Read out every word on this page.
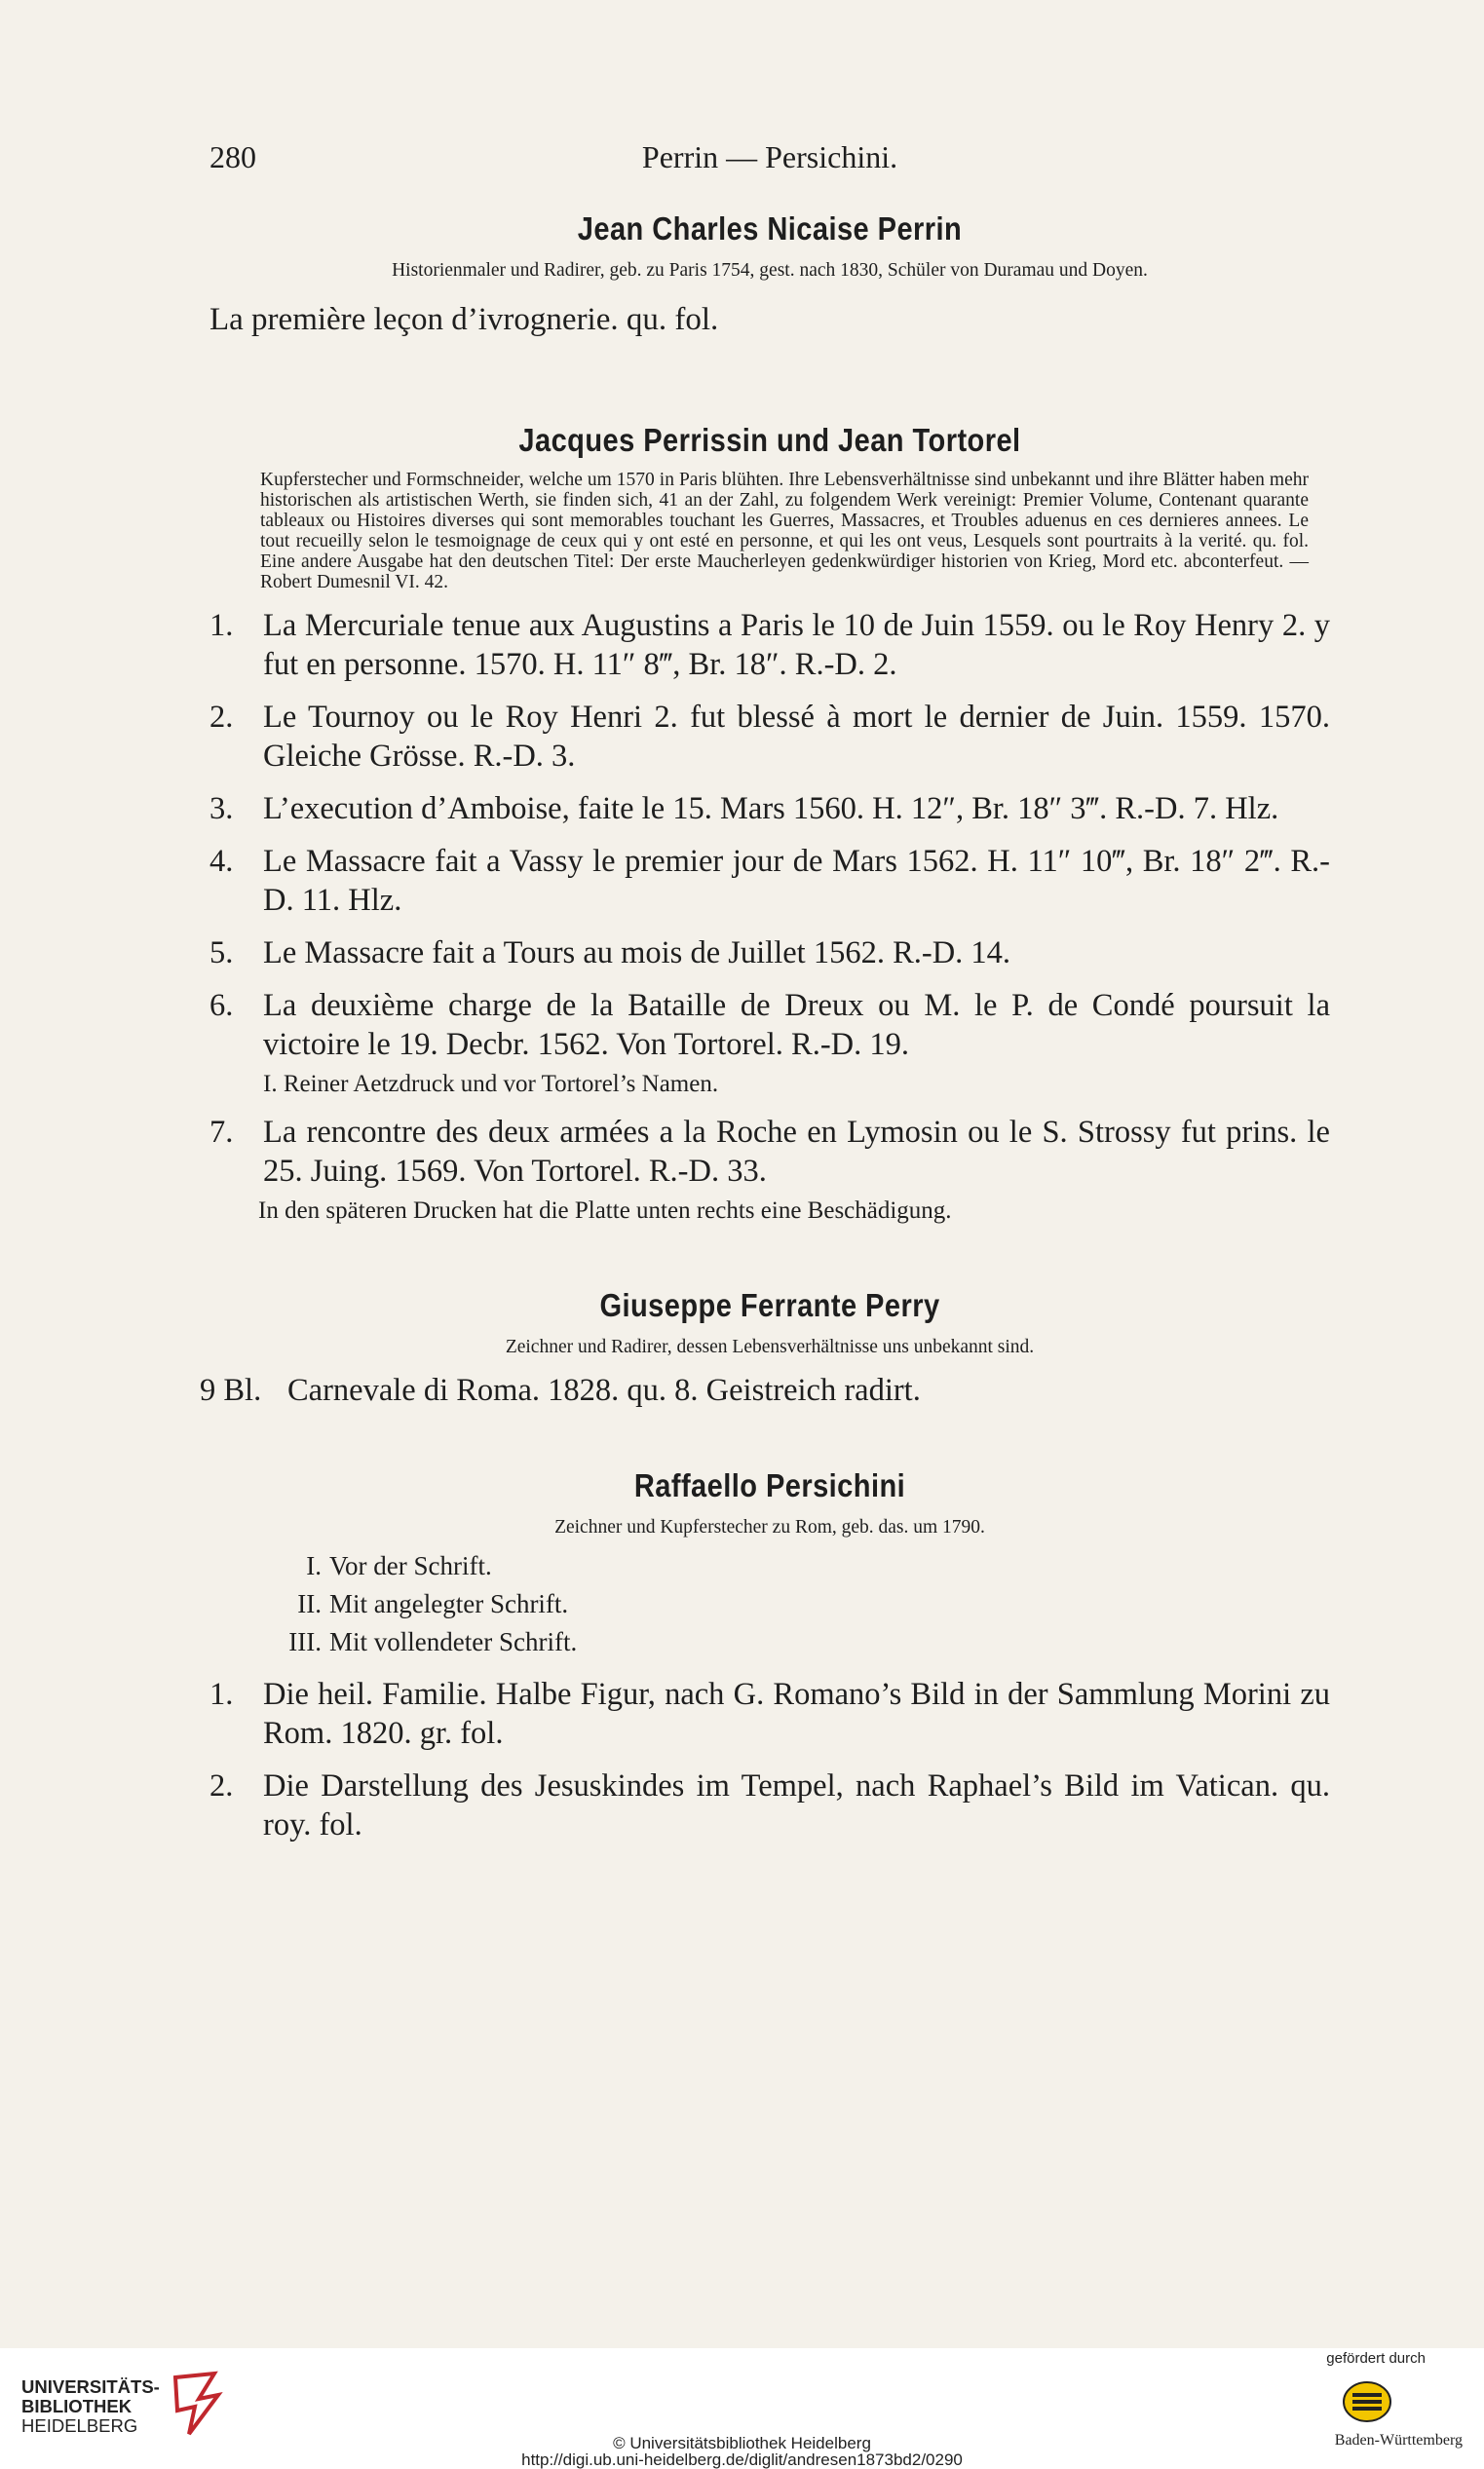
280	Perrin — Persichini.
Jean Charles Nicaise Perrin

Historienmaler und Radirer, geb. zu Paris 1754, gest. nach 1830, Schüler von Duramau und Doyen.

La première leçon d’ivrognerie. qu. fol.

Jacques Perrissin und Jean Tortorel

Kupferstecher und Formschneider, welche um 1570 in Paris blühten. Ihre Lebensverhältnisse sind unbekannt und ihre Blätter haben mehr historischen als artistischen Werth, sie finden sich, 41 an der Zahl, zu folgendem Werk vereinigt: Premier Volume, Contenant quarante tableaux ou Histoires diverses qui sont memorables touchant les Guerres, Massacres, et Troubles aduenus en ces dernieres annees. Le tout recueilly selon le tesmoignage de ceux qui y ont esté en personne, et qui les ont veus, Lesquels sont pourtraits à la verité. qu. fol. Eine andere Ausgabe hat den deutschen Titel: Der erste Maucherleyen gedenkwürdiger historien von Krieg, Mord etc. abconterfeut. — Robert Dumesnil VI. 42.

1. La Mercuriale tenue aux Augustins a Paris le 10 de Juin 1559. ou le Roy Henry 2. y fut en personne. 1570. H. 11″ 8‴, Br. 18″. R.-D. 2.
2. Le Tournoy ou le Roy Henri 2. fut blessé à mort le dernier de Juin. 1559. 1570. Gleiche Grösse. R.-D. 3.
3. L’execution d’Amboise, faite le 15. Mars 1560. H. 12″, Br. 18″ 3‴. R.-D. 7. Hlz.
4. Le Massacre fait a Vassy le premier jour de Mars 1562. H. 11″ 10‴, Br. 18″ 2‴. R.-D. 11. Hlz.
5. Le Massacre fait a Tours au mois de Juillet 1562. R.-D. 14.
6. La deuxième charge de la Bataille de Dreux ou M. le P. de Condé poursuit la victoire le 19. Decbr. 1562. Von Tortorel. R.-D. 19.
I. Reiner Aetzdruck und vor Tortorel’s Namen.
7. La rencontre des deux armées a la Roche en Lymosin ou le S. Strossy fut prins. le 25. Juing. 1569. Von Tortorel. R.-D. 33.
In den späteren Drucken hat die Platte unten rechts eine Beschädigung.
Giuseppe Ferrante Perry

Zeichner und Radirer, dessen Lebensverhältnisse uns unbekannt sind.

9 Bl. Carnevale di Roma. 1828. qu. 8. Geistreich radirt.
Raffaello Persichini

Zeichner und Kupferstecher zu Rom, geb. das. um 1790.

I. Vor der Schrift.
II. Mit angelegter Schrift.
III. Mit vollendeter Schrift.
1. Die heil. Familie. Halbe Figur, nach G. Romano’s Bild in der Sammlung Morini zu Rom. 1820. gr. fol.
2. Die Darstellung des Jesuskindes im Tempel, nach Raphael’s Bild im Vatican. qu. roy. fol.
UNIVERSITÄTS-
BIBLIOTHEK
HEIDELBERG
© Universitätsbibliothek Heidelberg
http://digi.ub.uni-heidelberg.de/diglit/andresen1873bd2/0290
gefördert durch
Baden-Württemberg
